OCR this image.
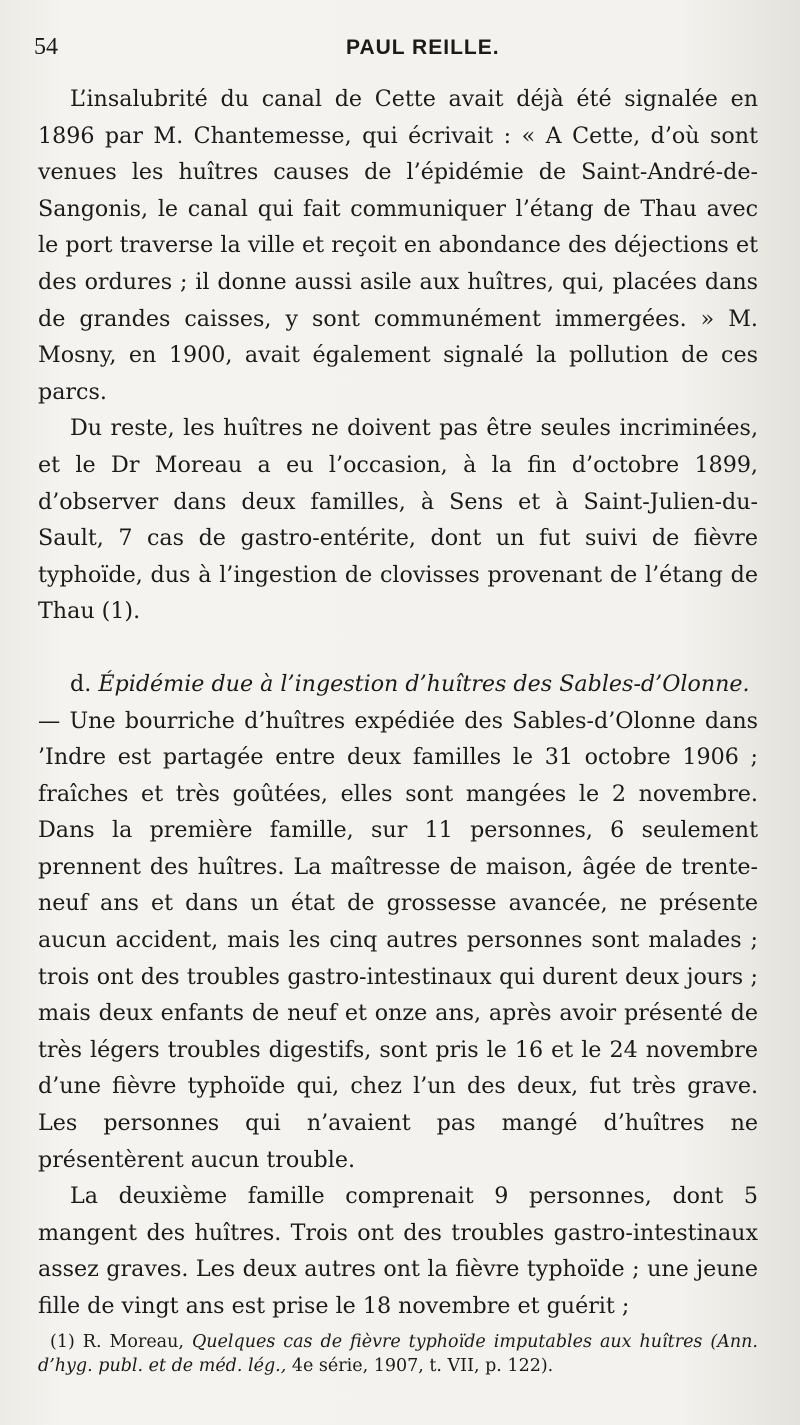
54	PAUL REILLE.

L’insalubrité du canal de Cette avait déjà été signalée en 1896 par M. Chantemesse, qui écrivait : « A Cette, d’où sont venues les huîtres causes de l’épidémie de Saint-André-de-Sangonis, le canal qui fait communiquer l’étang de Thau avec le port traverse la ville et reçoit en abondance des déjections et des ordures ; il donne aussi asile aux huîtres, qui, placées dans de grandes caisses, y sont communément immergées. » M. Mosny, en 1900, avait également signalé la pollution de ces parcs.

Du reste, les huîtres ne doivent pas être seules incriminées, et le Dr Moreau a eu l’occasion, à la fin d’octobre 1899, d’observer dans deux familles, à Sens et à Saint-Julien-du-Sault, 7 cas de gastro-entérite, dont un fut suivi de fièvre typhoïde, dus à l’ingestion de clovisses provenant de l’étang de Thau (1).

d. Épidémie due à l’ingestion d’huîtres des Sables-d’Olonne.

— Une bourriche d’huîtres expédiée des Sables-d’Olonne dans ’Indre est partagée entre deux familles le 31 octobre 1906 ; fraîches et très goûtées, elles sont mangées le 2 novembre. Dans la première famille, sur 11 personnes, 6 seulement prennent des huîtres. La maîtresse de maison, âgée de trente-neuf ans et dans un état de grossesse avancée, ne présente aucun accident, mais les cinq autres personnes sont malades ; trois ont des troubles gastro-intestinaux qui durent deux jours ; mais deux enfants de neuf et onze ans, après avoir présenté de très légers troubles digestifs, sont pris le 16 et le 24 novembre d’une fièvre typhoïde qui, chez l’un des deux, fut très grave. Les personnes qui n’avaient pas mangé d’huîtres ne présentèrent aucun trouble.

La deuxième famille comprenait 9 personnes, dont 5 mangent des huîtres. Trois ont des troubles gastro-intestinaux assez graves. Les deux autres ont la fièvre typhoïde ; une jeune fille de vingt ans est prise le 18 novembre et guérit ;

(1) R. Moreau, Quelques cas de fièvre typhoïde imputables aux huîtres (Ann. d’hyg. publ. et de méd. lég., 4e série, 1907, t. VII, p. 122).
